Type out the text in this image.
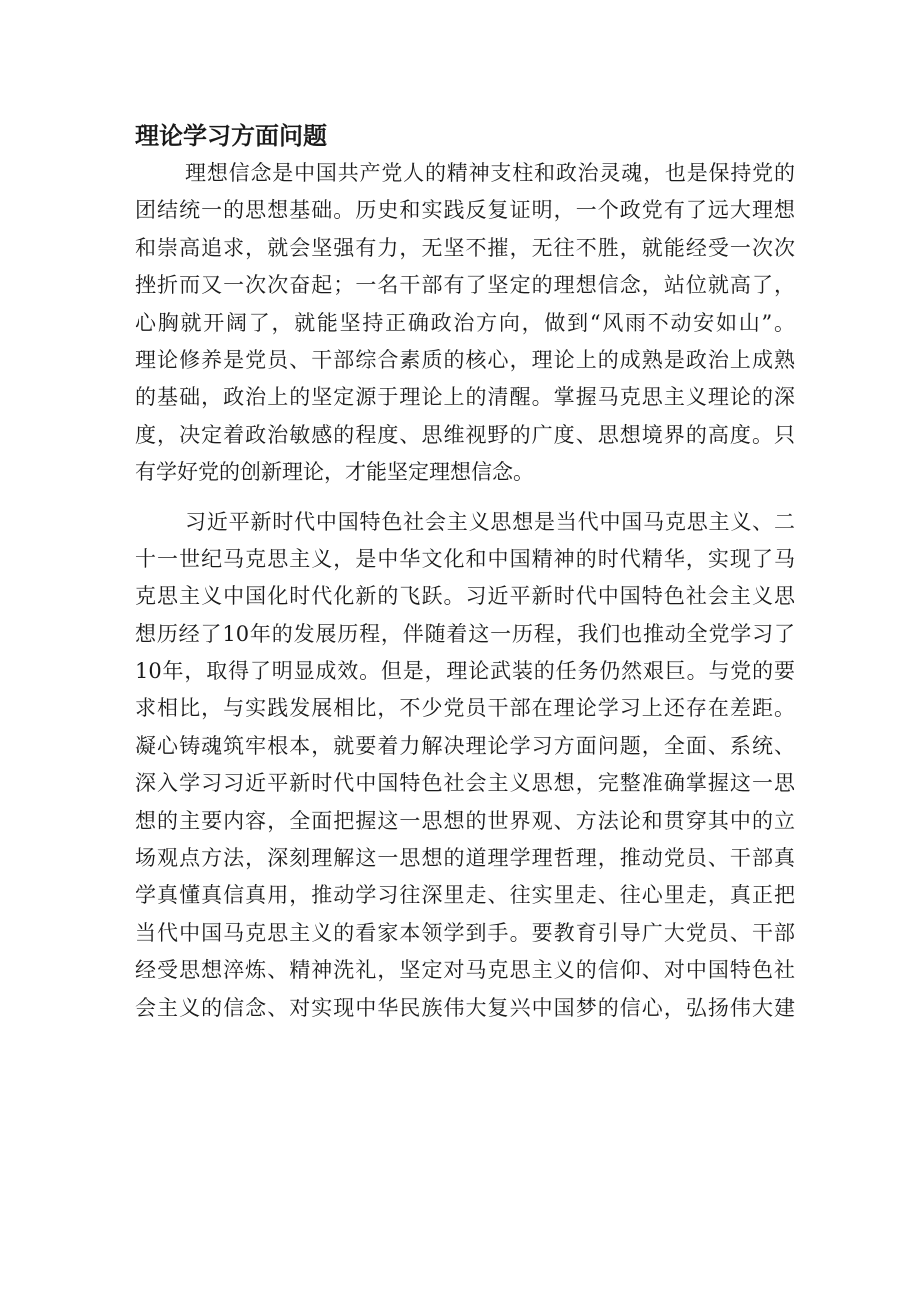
理论学习方面问题
理想信念是中国共产党人的精神支柱和政治灵魂，也是保持党的
团结统一的思想基础。历史和实践反复证明，一个政党有了远大理想
和崇高追求，就会坚强有力，无坚不摧，无往不胜，就能经受一次次
挫折而又一次次奋起；一名干部有了坚定的理想信念，站位就高了，
心胸就开阔了，就能坚持正确政治方向，做到“风雨不动安如山”。
理论修养是党员、干部综合素质的核心，理论上的成熟是政治上成熟
的基础，政治上的坚定源于理论上的清醒。掌握马克思主义理论的深
度，决定着政治敏感的程度、思维视野的广度、思想境界的高度。只
有学好党的创新理论，才能坚定理想信念。
习近平新时代中国特色社会主义思想是当代中国马克思主义、二
十一世纪马克思主义，是中华文化和中国精神的时代精华，实现了马
克思主义中国化时代化新的飞跃。习近平新时代中国特色社会主义思
想历经了10年的发展历程，伴随着这一历程，我们也推动全党学习了
10年，取得了明显成效。但是，理论武装的任务仍然艰巨。与党的要
求相比，与实践发展相比，不少党员干部在理论学习上还存在差距。
凝心铸魂筑牢根本，就要着力解决理论学习方面问题，全面、系统、
深入学习习近平新时代中国特色社会主义思想，完整准确掌握这一思
想的主要内容，全面把握这一思想的世界观、方法论和贯穿其中的立
场观点方法，深刻理解这一思想的道理学理哲理，推动党员、干部真
学真懂真信真用，推动学习往深里走、往实里走、往心里走，真正把
当代中国马克思主义的看家本领学到手。要教育引导广大党员、干部
经受思想淬炼、精神洗礼，坚定对马克思主义的信仰、对中国特色社
会主义的信念、对实现中华民族伟大复兴中国梦的信心，弘扬伟大建
